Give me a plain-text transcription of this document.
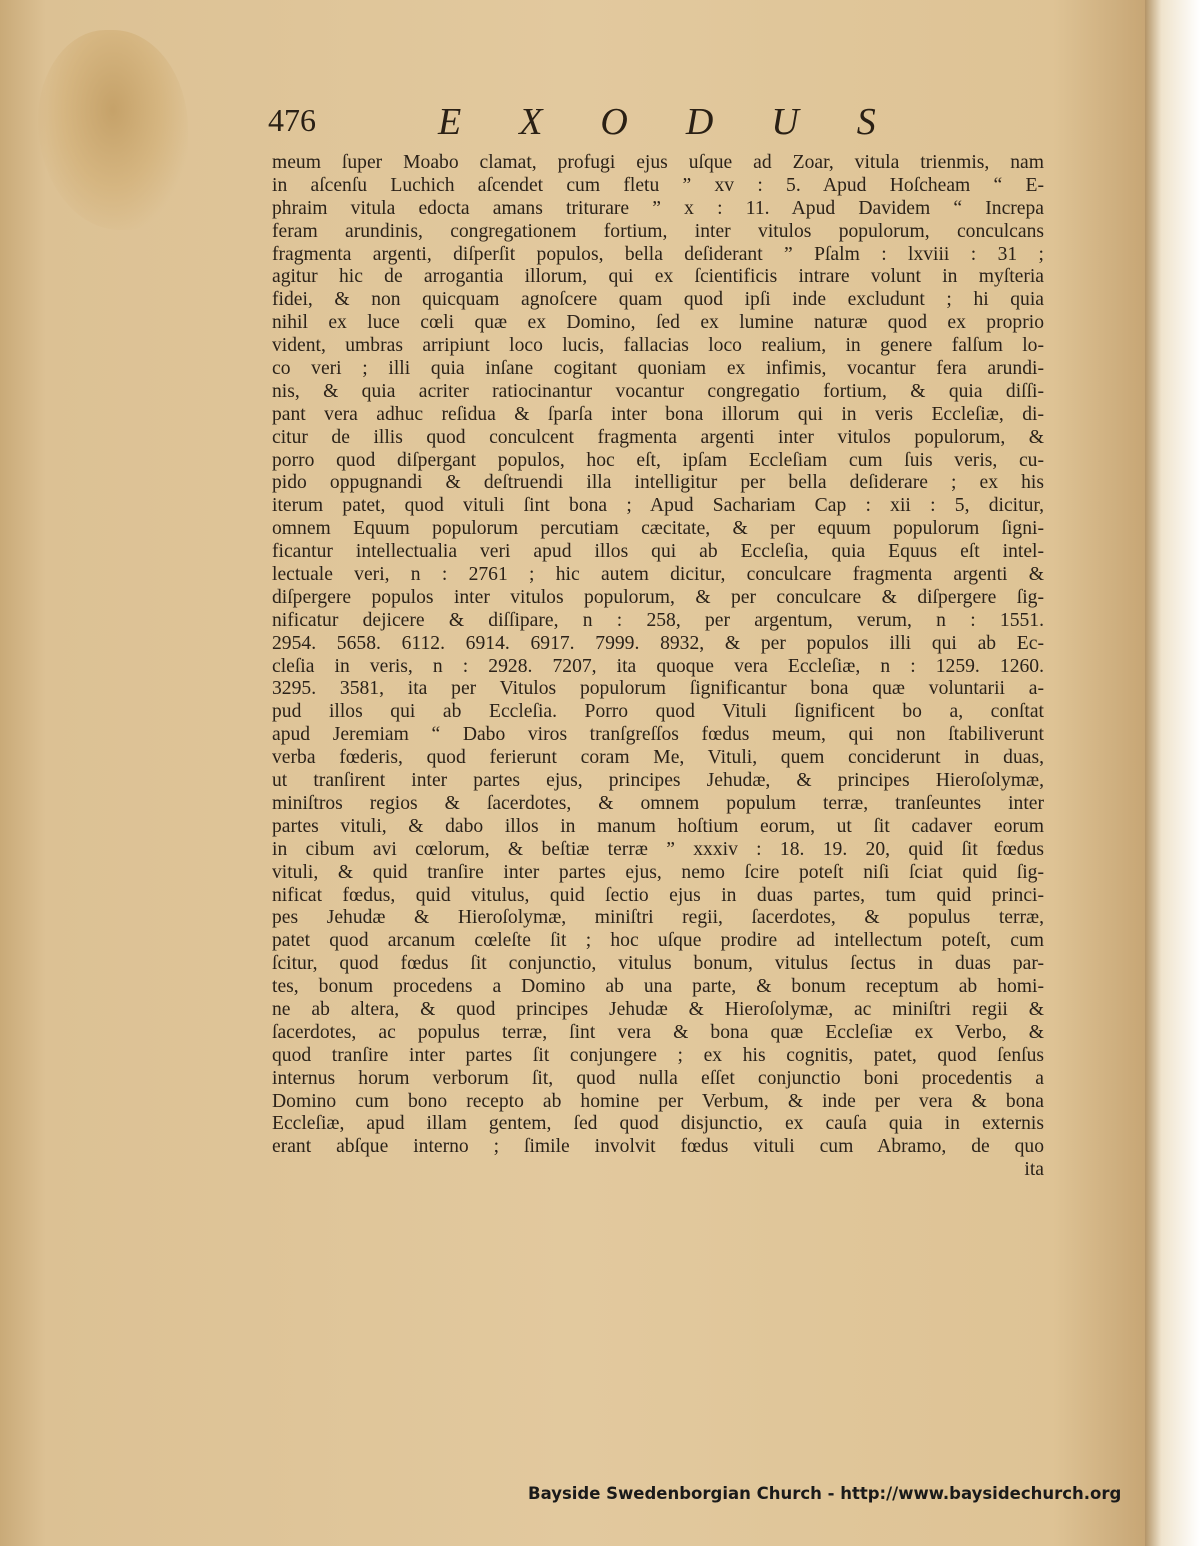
476	EXODUS
meum ſuper Moabo clamat, profugi ejus uſque ad Zoar, vitula trienmis, nam
in aſcenſu Luchich aſcendet cum fletu ” xv : 5. Apud Hoſcheam “ E-
phraim vitula edocta amans triturare ” x : 11. Apud Davidem “ Increpa
feram arundinis, congregationem fortium, inter vitulos populorum, conculcans
fragmenta argenti, diſperſit populos, bella deſiderant ” Pſalm : lxviii : 31 ;
agitur hic de arrogantia illorum, qui ex ſcientificis intrare volunt in myſteria
fidei, & non quicquam agnoſcere quam quod ipſi inde excludunt ; hi quia
nihil ex luce cœli quæ ex Domino, ſed ex lumine naturæ quod ex proprio
vident, umbras arripiunt loco lucis, fallacias loco realium, in genere falſum lo-
co veri ; illi quia inſane cogitant quoniam ex infimis, vocantur fera arundi-
nis, & quia acriter ratiocinantur vocantur congregatio fortium, & quia diſſi-
pant vera adhuc reſidua & ſparſa inter bona illorum qui in veris Eccleſiæ, di-
citur de illis quod conculcent fragmenta argenti inter vitulos populorum, &
porro quod diſpergant populos, hoc eſt, ipſam Eccleſiam cum ſuis veris, cu-
pido oppugnandi & deſtruendi illa intelligitur per bella deſiderare ; ex his
iterum patet, quod vituli ſint bona ; Apud Sachariam Cap : xii : 5, dicitur,
omnem Equum populorum percutiam cæcitate, & per equum populorum ſigni-
ficantur intellectualia veri apud illos qui ab Eccleſia, quia Equus eſt intel-
lectuale veri, n : 2761 ; hic autem dicitur, conculcare fragmenta argenti &
diſpergere populos inter vitulos populorum, & per conculcare & diſpergere ſig-
nificatur dejicere & diſſipare, n : 258, per argentum, verum, n : 1551.
2954. 5658. 6112. 6914. 6917. 7999. 8932, & per populos illi qui ab Ec-
cleſia in veris, n : 2928. 7207, ita quoque vera Eccleſiæ, n : 1259. 1260.
3295. 3581, ita per Vitulos populorum ſignificantur bona quæ voluntarii a-
pud illos qui ab Eccleſia. Porro quod Vituli ſignificent bo a, conſtat
apud Jeremiam “ Dabo viros tranſgreſſos fœdus meum, qui non ſtabiliverunt
verba fœderis, quod ferierunt coram Me, Vituli, quem conciderunt in duas,
ut tranſirent inter partes ejus, principes Jehudæ, & principes Hieroſolymæ,
miniſtros regios & ſacerdotes, & omnem populum terræ, tranſeuntes inter
partes vituli, & dabo illos in manum hoſtium eorum, ut ſit cadaver eorum
in cibum avi cœlorum, & beſtiæ terræ ” xxxiv : 18. 19. 20, quid ſit fœdus
vituli, & quid tranſire inter partes ejus, nemo ſcire poteſt niſi ſciat quid ſig-
nificat fœdus, quid vitulus, quid ſectio ejus in duas partes, tum quid princi-
pes Jehudæ & Hieroſolymæ, miniſtri regii, ſacerdotes, & populus terræ,
patet quod arcanum cœleſte ſit ; hoc uſque prodire ad intellectum poteſt, cum
ſcitur, quod fœdus ſit conjunctio, vitulus bonum, vitulus ſectus in duas par-
tes, bonum procedens a Domino ab una parte, & bonum receptum ab homi-
ne ab altera, & quod principes Jehudæ & Hieroſolymæ, ac miniſtri regii &
ſacerdotes, ac populus terræ, ſint vera & bona quæ Eccleſiæ ex Verbo, &
quod tranſire inter partes ſit conjungere ; ex his cognitis, patet, quod ſenſus
internus horum verborum ſit, quod nulla eſſet conjunctio boni procedentis a
Domino cum bono recepto ab homine per Verbum, & inde per vera & bona
Eccleſiæ, apud illam gentem, ſed quod disjunctio, ex cauſa quia in externis
erant abſque interno ; ſimile involvit fœdus vituli cum Abramo, de quo
ita
Bayside Swedenborgian Church - http://www.baysidechurch.org
